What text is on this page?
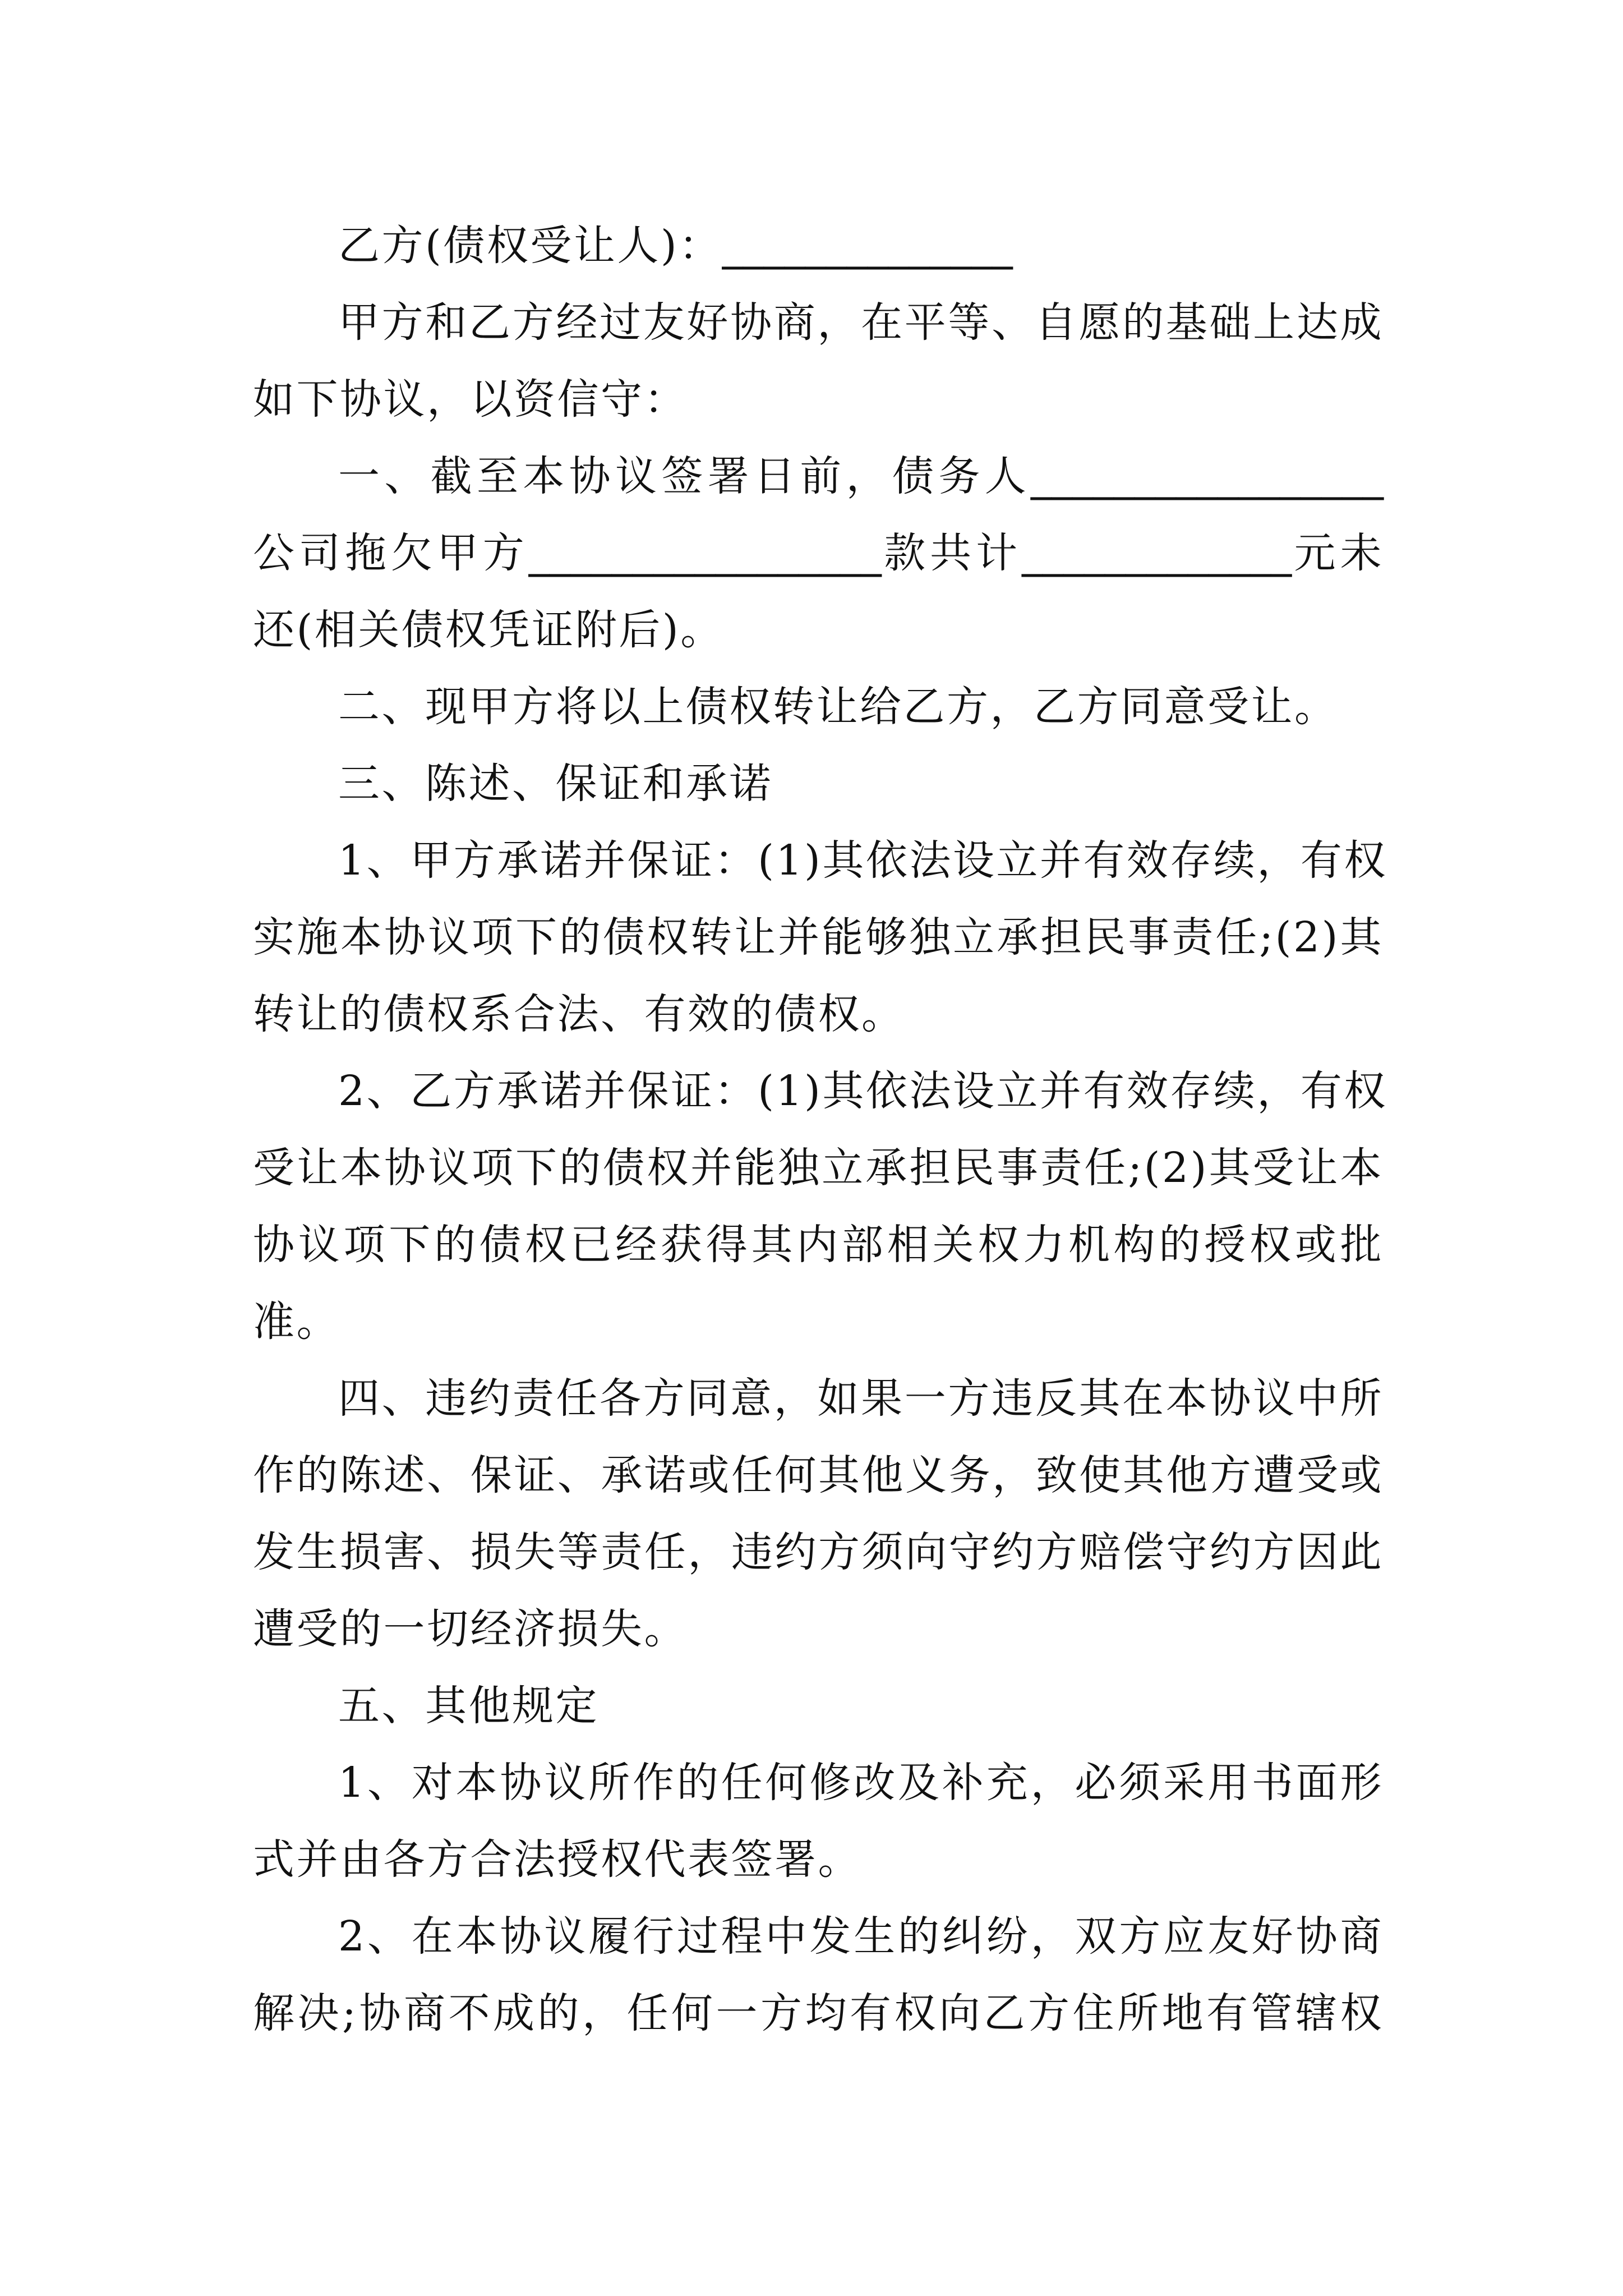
乙方(债权受让人)：______________
甲方和乙方经过友好协商，在平等、自愿的基础上达成
如下协议，以资信守：
一、截至本协议签署日前，债务人_________________
公司拖欠甲方_________________款共计_____________元未
还(相关债权凭证附后)。
二、现甲方将以上债权转让给乙方，乙方同意受让。
三、陈述、保证和承诺
1、甲方承诺并保证：(1)其依法设立并有效存续，有权
实施本协议项下的债权转让并能够独立承担民事责任;(2)其
转让的债权系合法、有效的债权。
2、乙方承诺并保证：(1)其依法设立并有效存续，有权
受让本协议项下的债权并能独立承担民事责任;(2)其受让本
协议项下的债权已经获得其内部相关权力机构的授权或批
准。
四、违约责任各方同意，如果一方违反其在本协议中所
作的陈述、保证、承诺或任何其他义务，致使其他方遭受或
发生损害、损失等责任，违约方须向守约方赔偿守约方因此
遭受的一切经济损失。
五、其他规定
1、对本协议所作的任何修改及补充，必须采用书面形
式并由各方合法授权代表签署。
2、在本协议履行过程中发生的纠纷，双方应友好协商
解决;协商不成的，任何一方均有权向乙方住所地有管辖权
